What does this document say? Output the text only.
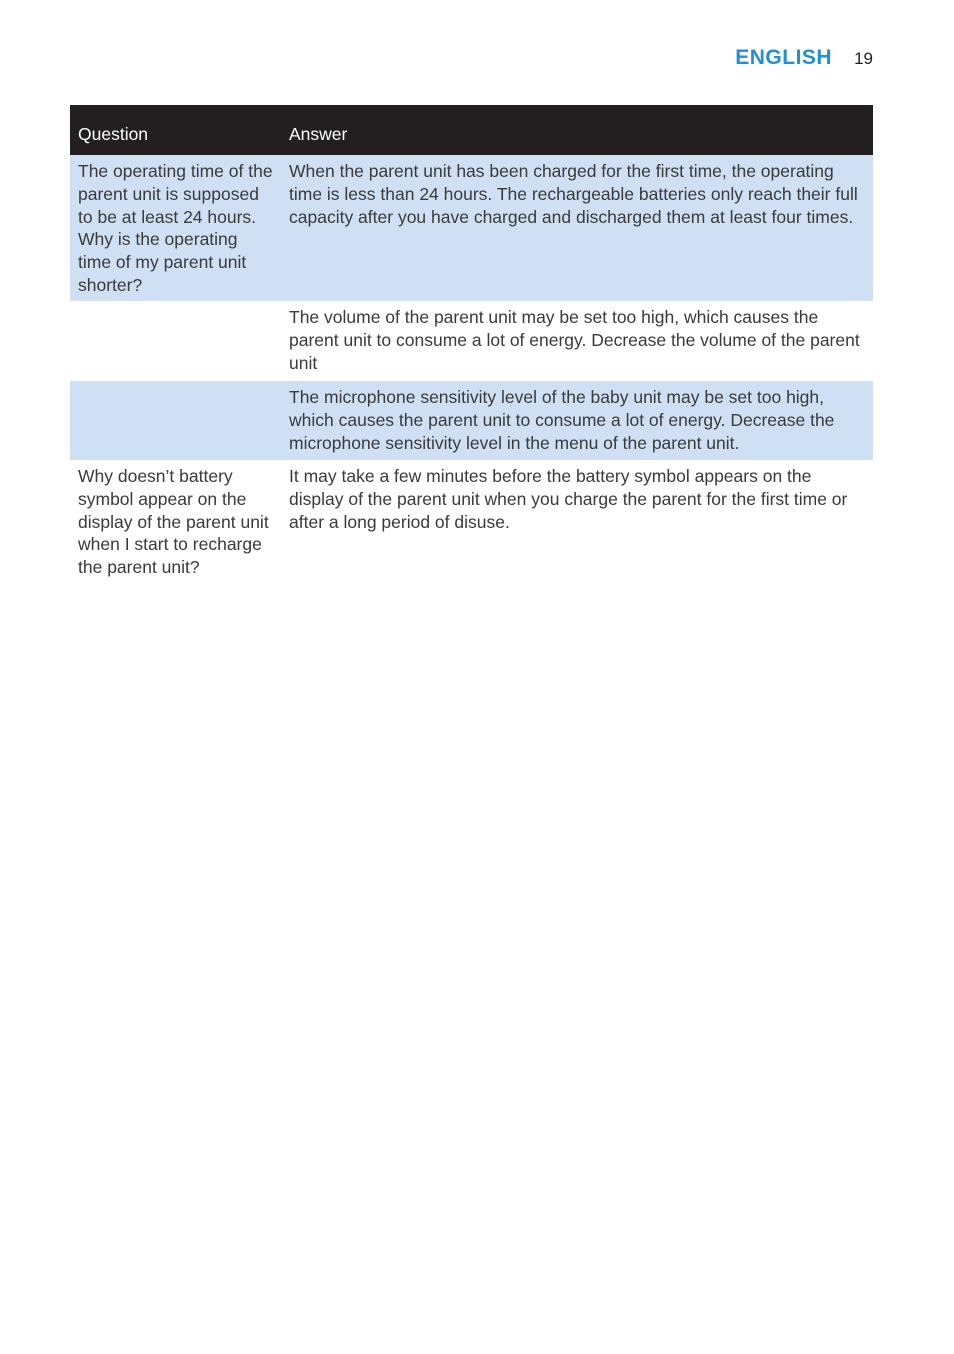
ENGLISH 19
Question	Answer
The operating time of the parent unit is supposed to be at least 24 hours. Why is the operating time of my parent unit shorter?	When the parent unit has been charged for the first time, the operating time is less than 24 hours. The rechargeable batteries only reach their full capacity after you have charged and discharged them at least four times.
	The volume of the parent unit may be set too high, which causes the parent unit to consume a lot of energy. Decrease the volume of the parent unit
	The microphone sensitivity level of the baby unit may be set too high, which causes the parent unit to consume a lot of energy. Decrease the microphone sensitivity level in the menu of the parent unit.
Why doesn’t battery symbol appear on the display of the parent unit when I start to recharge the parent unit?	It may take a few minutes before the battery symbol appears on the display of the parent unit when you charge the parent for the first time or after a long period of disuse.
